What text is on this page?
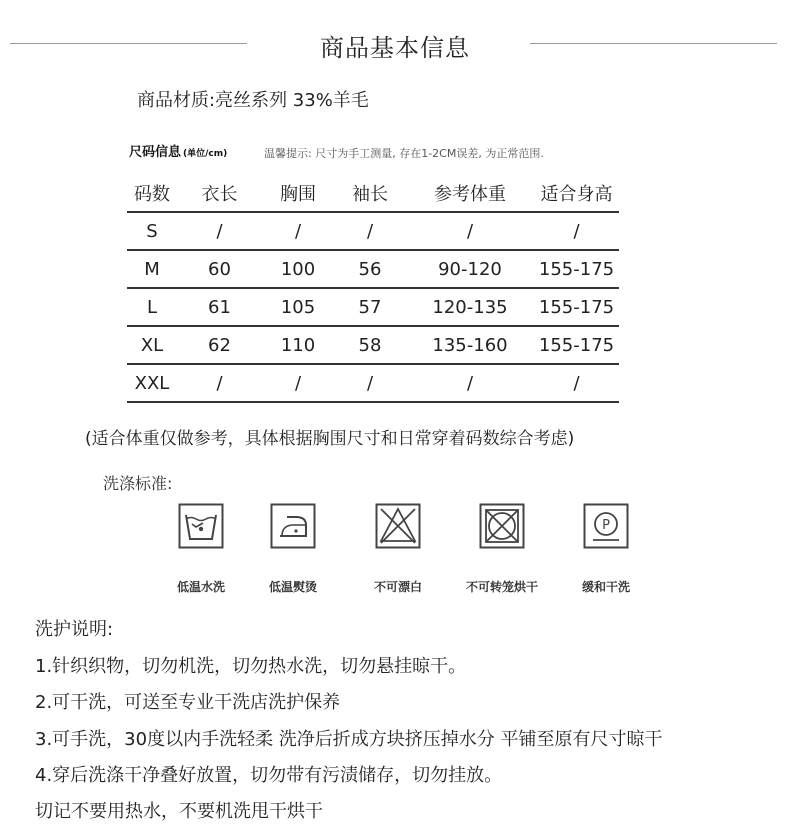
商品基本信息
商品材质:亮丝系列 33%羊毛
尺码信息 (单位/cm)	温馨提示: 尺寸为手工测量, 存在1-2CM误差, 为正常范围.
码数	衣长	胸围	袖长	参考体重	适合身高
S	/	/	/	/	/
M	60	100	56	90-120	155-175
L	61	105	57	120-135	155-175
XL	62	110	58	135-160	155-175
XXL	/	/	/	/	/
(适合体重仅做参考，具体根据胸围尺寸和日常穿着码数综合考虑)
洗涤标准:
低温水洗	低温熨烫	不可漂白	不可转笼烘干
P
缓和干洗
洗护说明:
1.针织织物，切勿机洗，切勿热水洗，切勿悬挂晾干。
2.可干洗，可送至专业干洗店洗护保养
3.可手洗，30度以内手洗轻柔 洗净后折成方块挤压掉水分 平铺至原有尺寸晾干
4.穿后洗涤干净叠好放置，切勿带有污渍储存，切勿挂放。
切记不要用热水，不要机洗甩干烘干
